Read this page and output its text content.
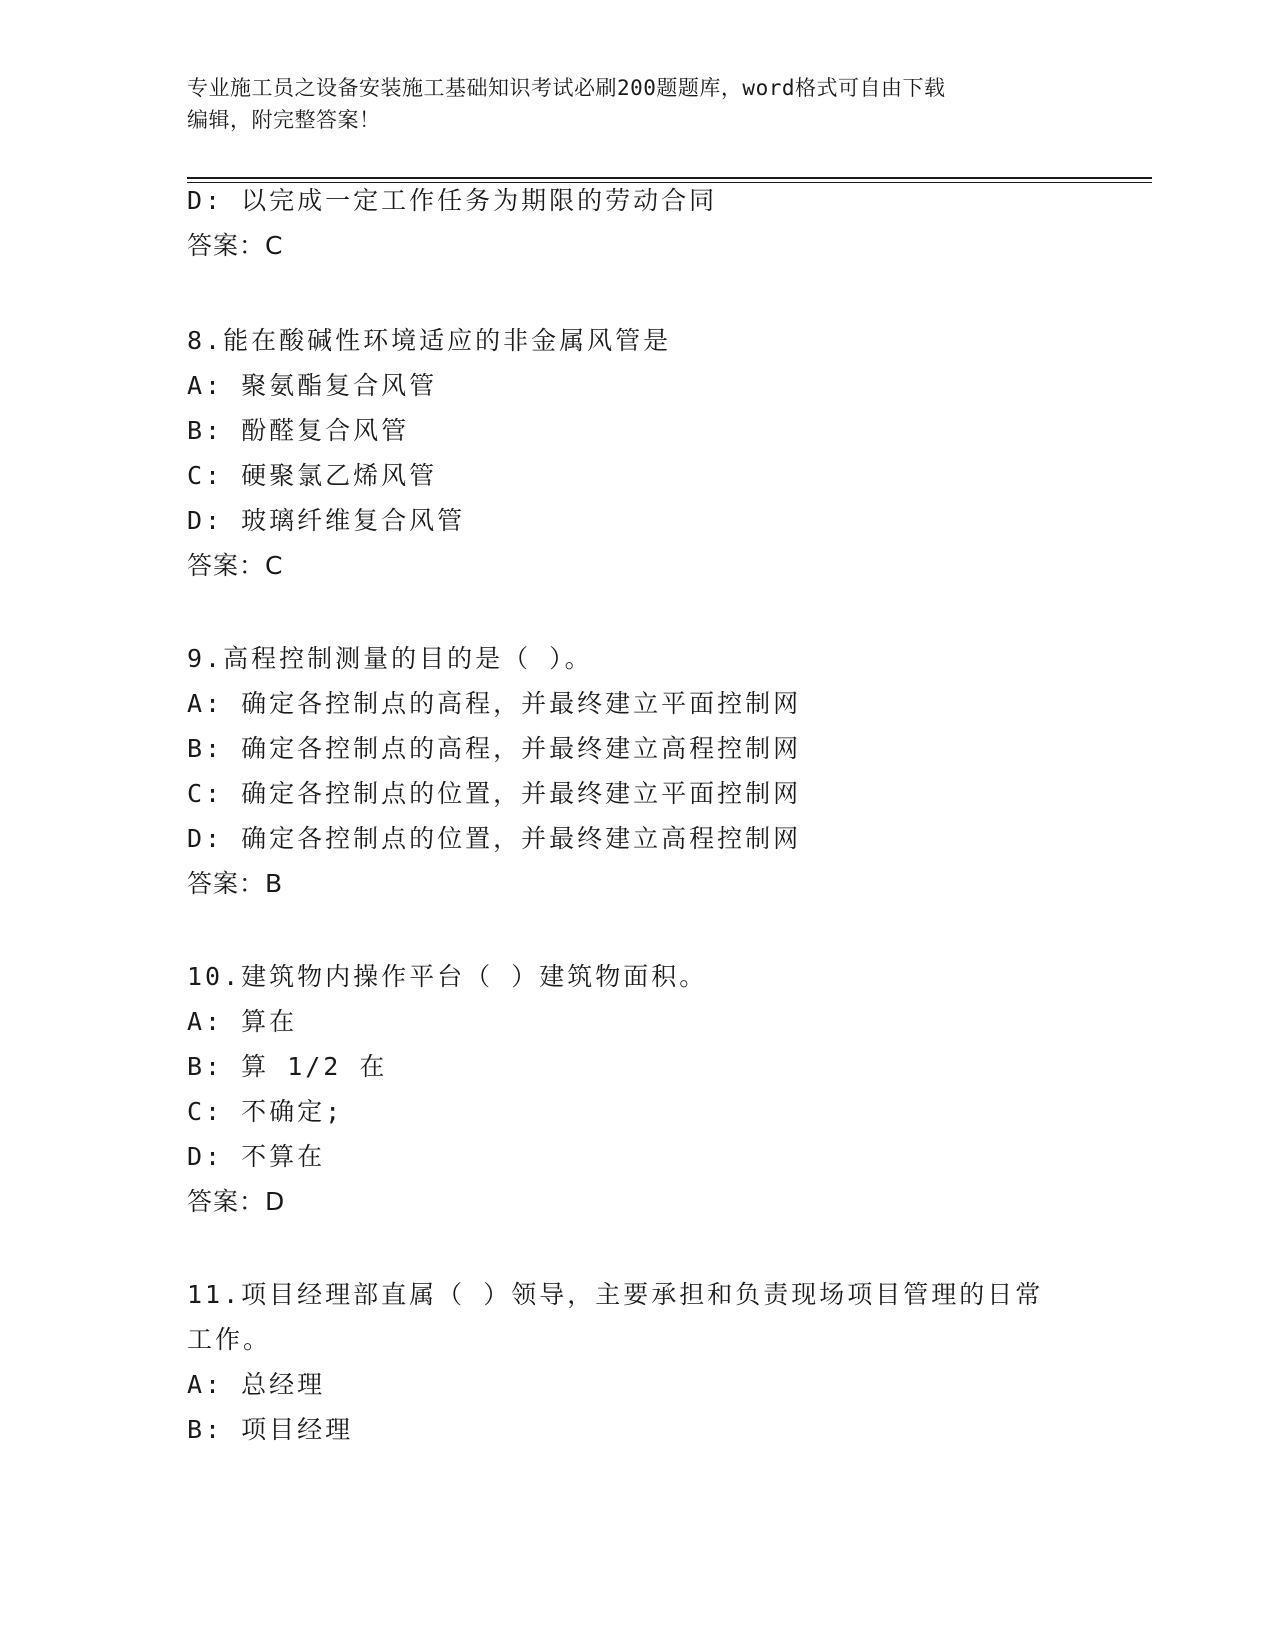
专业施工员之设备安装施工基础知识考试必刷200题题库，word格式可自由下载
编辑，附完整答案！
D: 以完成一定工作任务为期限的劳动合同
答案：C
8.能在酸碱性环境适应的非金属风管是
A: 聚氨酯复合风管
B: 酚醛复合风管
C: 硬聚氯乙烯风管
D: 玻璃纤维复合风管
答案：C
9.高程控制测量的目的是（ ）。
A: 确定各控制点的高程，并最终建立平面控制网
B: 确定各控制点的高程，并最终建立高程控制网
C: 确定各控制点的位置，并最终建立平面控制网
D: 确定各控制点的位置，并最终建立高程控制网
答案：B
10.建筑物内操作平台（ ）建筑物面积。
A: 算在
B: 算 1/2 在
C: 不确定;
D: 不算在
答案：D
11.项目经理部直属（ ）领导，主要承担和负责现场项目管理的日常
工作。
A: 总经理
B: 项目经理
